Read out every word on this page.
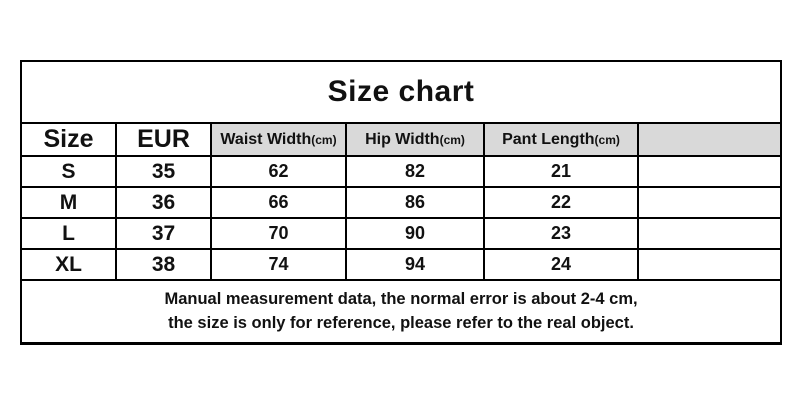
Size chart					
Size	EUR	Waist Width(cm)	Hip Width(cm)	Pant Length(cm)	
S	35	62	82	21	
M	36	66	86	22	
L	37	70	90	23	
XL	38	74	94	24	

Manual measurement data, the normal error is about 2-4 cm,
the size is only for reference, please refer to the real object.					
